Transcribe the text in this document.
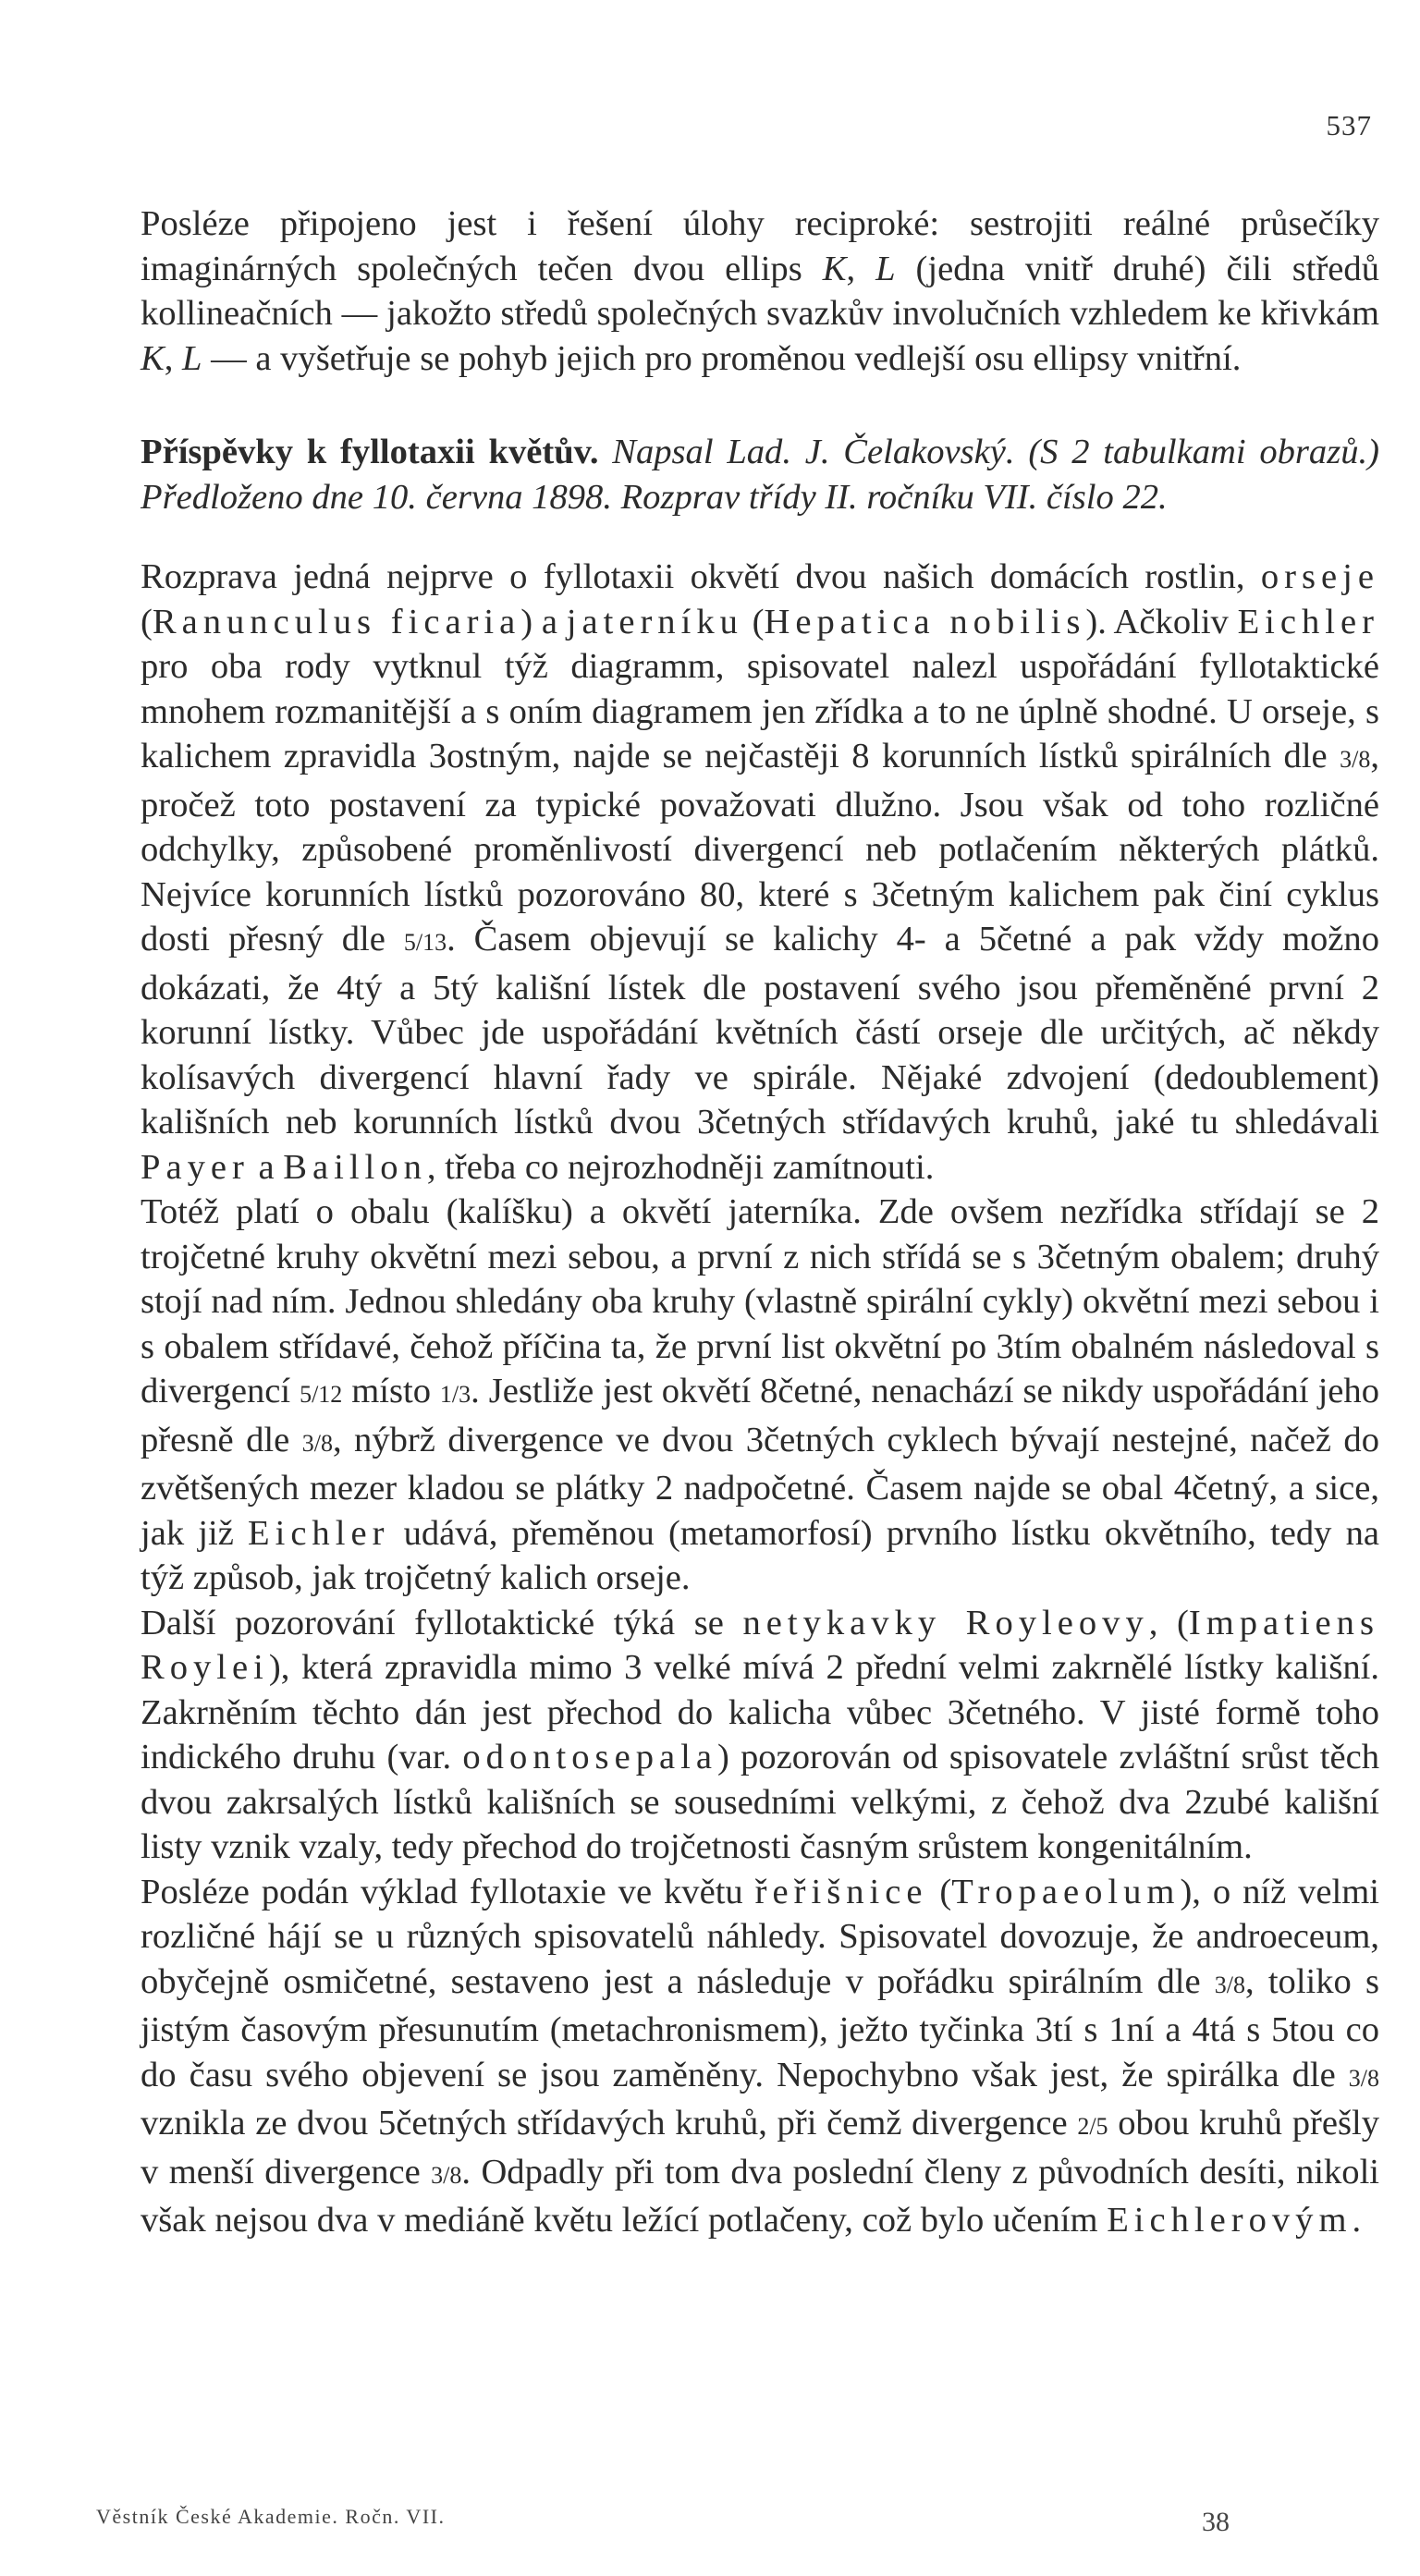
537

Posléze připojeno jest i řešení úlohy reciproké: sestrojiti reálné průsečíky imaginárných společných tečen dvou ellips K, L (jedna vnitř druhé) čili středů kollineačních — jakožto středů společných svazkův involučních vzhledem ke křivkám K, L — a vyšetřuje se pohyb jejich pro proměnou vedlejší osu ellipsy vnitřní.

Příspěvky k fyllotaxii květův. Napsal Lad. J. Čelakovský. (S 2 tabulkami obrazů.) Předloženo dne 10. června 1898. Rozprav třídy II. ročníku VII. číslo 22.

Rozprava jedná nejprve o fyllotaxii okvětí dvou našich domácích rostlin, orseje (Ranunculus ficaria) a jaterníku (Hepatica nobilis). Ačkoliv Eichler pro oba rody vytknul týž diagramm, spisovatel nalezl uspořádání fyllotaktické mnohem rozmanitější a s oním diagramem jen zřídka a to ne úplně shodné. U orseje, s kalichem zpravidla 3ostným, najde se nejčastěji 8 korunních lístků spirálních dle 3/8, pročež toto postavení za typické považovati dlužno. Jsou však od toho rozličné odchylky, způsobené proměnlivostí divergencí neb potlačením některých plátků. Nejvíce korunních lístků pozorováno 80, které s 3četným kalichem pak činí cyklus dosti přesný dle 5/13. Časem objevují se kalichy 4- a 5četné a pak vždy možno dokázati, že 4tý a 5tý kališní lístek dle postavení svého jsou přeměněné první 2 korunní lístky. Vůbec jde uspořádání květních částí orseje dle určitých, ač někdy kolísavých divergencí hlavní řady ve spirále. Nějaké zdvojení (dedoublement) kališních neb korunních lístků dvou 3četných střídavých kruhů, jaké tu shledávali Payer a Baillon, třeba co nejrozhodněji zamítnouti.

Totéž platí o obalu (kalíšku) a okvětí jaterníka. Zde ovšem nezřídka střídají se 2 trojčetné kruhy okvětní mezi sebou, a první z nich střídá se s 3četným obalem; druhý stojí nad ním. Jednou shledány oba kruhy (vlastně spirální cykly) okvětní mezi sebou i s obalem střídavé, čehož příčina ta, že první list okvětní po 3tím obalném následoval s divergencí 5/12 místo 1/3. Jestliže jest okvětí 8četné, nenachází se nikdy uspořádání jeho přesně dle 3/8, nýbrž divergence ve dvou 3četných cyklech bývají nestejné, načež do zvětšených mezer kladou se plátky 2 nadpočetné. Časem najde se obal 4četný, a sice, jak již Eichler udává, přeměnou (metamorfosí) prvního lístku okvětního, tedy na týž způsob, jak trojčetný kalich orseje.

Další pozorování fyllotaktické týká se netykavky Royleovy, (Impatiens Roylei), která zpravidla mimo 3 velké mívá 2 přední velmi zakrnělé lístky kališní. Zakrněním těchto dán jest přechod do kalicha vůbec 3četného. V jisté formě toho indického druhu (var. odontosepala) pozorován od spisovatele zvláštní srůst těch dvou zakrsalých lístků kališních se sousedními velkými, z čehož dva 2zubé kališní listy vznik vzaly, tedy přechod do trojčetnosti časným srůstem kongenitálním.

Posléze podán výklad fyllotaxie ve květu řeřišnice (Tropaeolum), o níž velmi rozličné hájí se u různých spisovatelů náhledy. Spisovatel dovozuje, že androeceum, obyčejně osmičetné, sestaveno jest a následuje v pořádku spirálním dle 3/8, toliko s jistým časovým přesunutím (metachronismem), ježto tyčinka 3tí s 1ní a 4tá s 5tou co do času svého objevení se jsou zaměněny. Nepochybno však jest, že spirálka dle 3/8 vznikla ze dvou 5četných střídavých kruhů, při čemž divergence 2/5 obou kruhů přešly v menší divergence 3/8. Odpadly při tom dva poslední členy z původních desíti, nikoli však nejsou dva v mediáně květu ležící potlačeny, což bylo učením Eichlerovým.

Věstník České Akademie. Ročn. VII.	38
